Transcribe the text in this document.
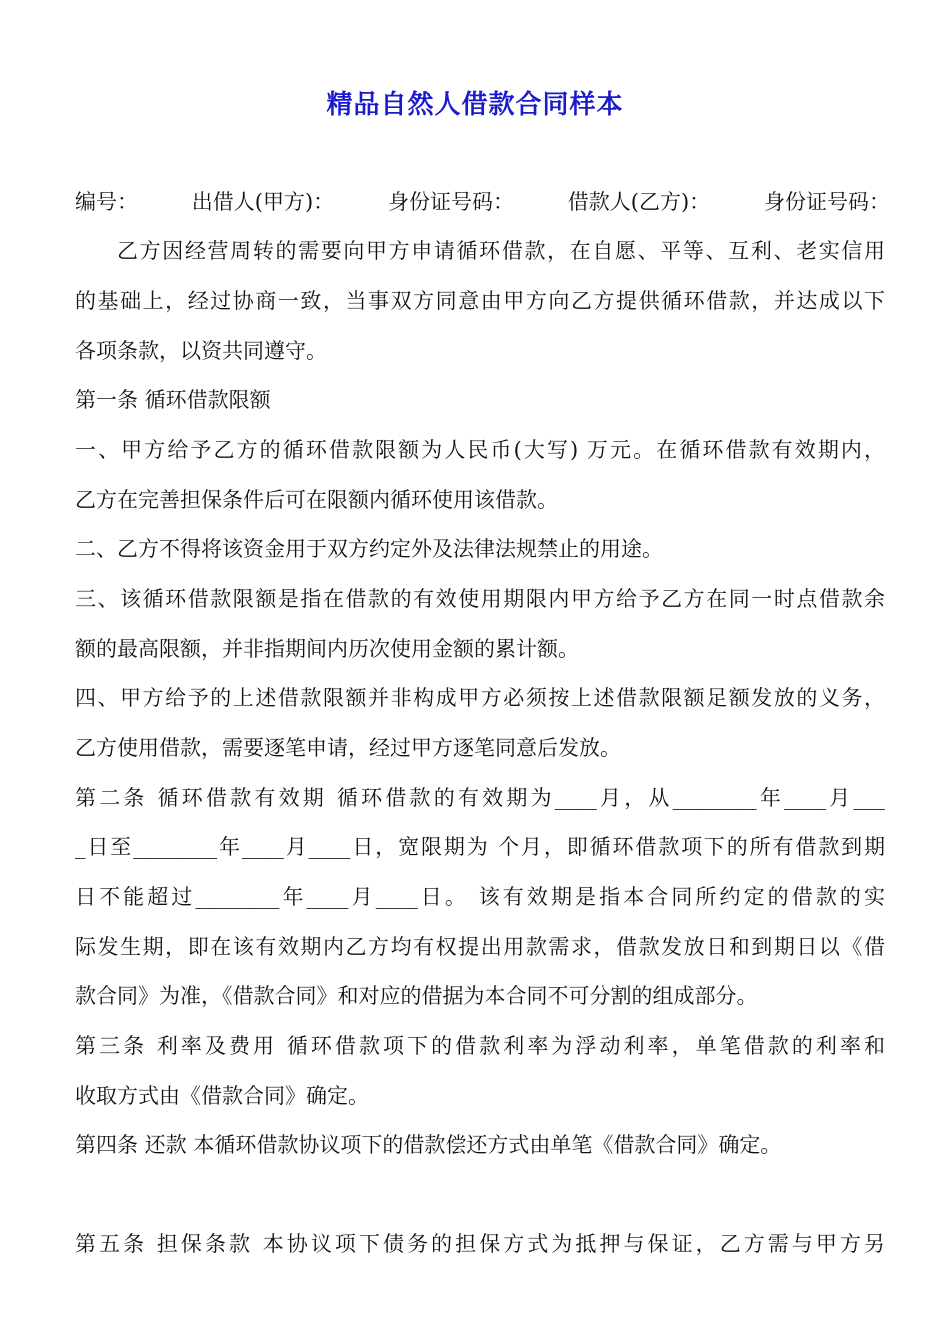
精品自然人借款合同样本
编号：	出借人(甲方)：	身份证号码：	借款人(乙方)：	身份证号码：
乙方因经营周转的需要向甲方申请循环借款，在自愿、平等、互利、老实信用
的基础上，经过协商一致，当事双方同意由甲方向乙方提供循环借款，并达成以下
各项条款，以资共同遵守。
第一条 循环借款限额
一、甲方给予乙方的循环借款限额为人民币(大写) 万元。在循环借款有效期内，
乙方在完善担保条件后可在限额内循环使用该借款。
二、乙方不得将该资金用于双方约定外及法律法规禁止的用途。
三、该循环借款限额是指在借款的有效使用期限内甲方给予乙方在同一时点借款余
额的最高限额，并非指期间内历次使用金额的累计额。
四、甲方给予的上述借款限额并非构成甲方必须按上述借款限额足额发放的义务，
乙方使用借款，需要逐笔申请，经过甲方逐笔同意后发放。
第二条 循环借款有效期 循环借款的有效期为____月，从________年____月___
_日至________年____月____日，宽限期为 个月，即循环借款项下的所有借款到期
日不能超过________年____月____日。 该有效期是指本合同所约定的借款的实
际发生期，即在该有效期内乙方均有权提出用款需求，借款发放日和到期日以《借
款合同》为准，《借款合同》和对应的借据为本合同不可分割的组成部分。
第三条 利率及费用 循环借款项下的借款利率为浮动利率，单笔借款的利率和
收取方式由《借款合同》确定。
第四条 还款 本循环借款协议项下的借款偿还方式由单笔《借款合同》确定。
第五条 担保条款 本协议项下债务的担保方式为抵押与保证，乙方需与甲方另
